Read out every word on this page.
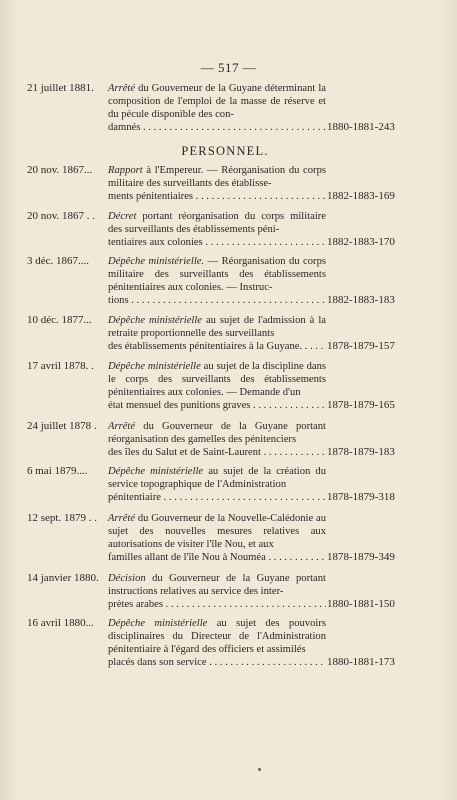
— 517 —
21 juillet 1881. Arrêté du Gouverneur de la Guyane déterminant la composition de l'emploi de la masse de réserve et du pécule disponible des con-
damnés . . .	1880-1881-243
PERSONNEL.
20 nov. 1867... Rapport à l'Empereur. — Réorganisation du corps militaire des surveillants des établisse-
ments pénitentiaires . . .	1882-1883-169
20 nov. 1867 . . Décret portant réorganisation du corps militaire des surveillants des établissements péni-
tentiaires aux colonies . . .	1882-1883-170
3 déc. 1867.... Dépêche ministérielle. — Réorganisation du corps militaire des surveillants des établissements pénitentiaires aux colonies. — Instruc-
tions . . .	1882-1883-183
10 déc. 1877... Dépêche ministérielle au sujet de l'admission à la retraite proportionnelle des surveillants
des établissements pénitentiaires à la Guyane. . . .	1878-1879-157
17 avril 1878. . Dépêche ministérielle au sujet de la discipline dans le corps des surveillants des établissements pénitentiaires aux colonies. — Demande d'un
état mensuel des punitions graves . . .	1878-1879-165
24 juillet 1878 . Arrêté du Gouverneur de la Guyane portant réorganisation des gamelles des pénitenciers
des îles du Salut et de Saint-Laurent . . .	1878-1879-183
6 mai 1879.... Dépêche ministérielle au sujet de la création du service topographique de l'Administration
pénitentiaire . . .	1878-1879-318
12 sept. 1879 . . Arrêté du Gouverneur de la Nouvelle-Calédonie au sujet des nouvelles mesures relatives aux autorisations de visiter l'île Nou, et aux
familles allant de l'île Nou à Nouméa . . .	1878-1879-349
14 janvier 1880. Décision du Gouverneur de la Guyane portant instructions relatives au service des inter-
prètes arabes . . .	1880-1881-150
16 avril 1880... Dépêche ministérielle au sujet des pouvoirs disciplinaires du Directeur de l'Administration pénitentiaire à l'égard des officiers et assimilés
placés dans son service . . .	1880-1881-173
